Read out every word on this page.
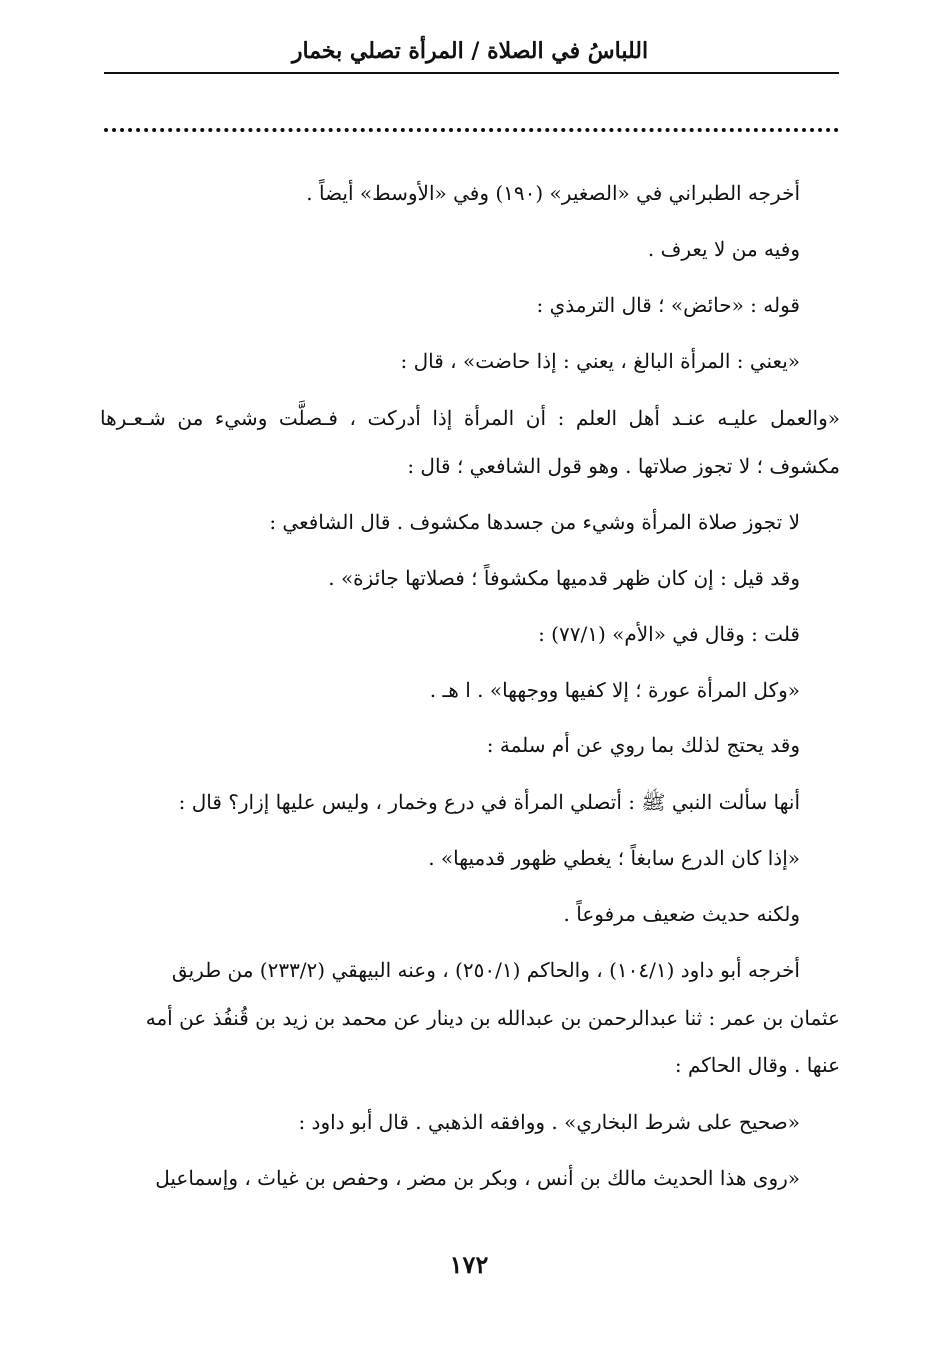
اللباسُ في الصلاة / المرأة تصلي بخمار
أخرجه الطبراني في «الصغير» (١٩٠) وفي «الأوسط» أيضاً .
وفيه من لا يعرف .
قوله : «حائض» ؛ قال الترمذي :
«يعني : المرأة البالغ ، يعني : إذا حاضت» ، قال :
«والعمل عليـه عنـد أهل العلم : أن المرأة إذا أدركت ، فـصلَّت وشيء من شـعـرها
مكشوف ؛ لا تجوز صلاتها . وهو قول الشافعي ؛ قال :
لا تجوز صلاة المرأة وشيء من جسدها مكشوف . قال الشافعي :
وقد قيل : إن كان ظهر قدميها مكشوفاً ؛ فصلاتها جائزة» .
قلت : وقال في «الأم» (٧٧/١) :
«وكل المرأة عورة ؛ إلا كفيها ووجهها» . ا هـ .
وقد يحتج لذلك بما روي عن أم سلمة :
أنها سألت النبي ﷺ : أتصلي المرأة في درع وخمار ، وليس عليها إزار؟ قال :
«إذا كان الدرع سابغاً ؛ يغطي ظهور قدميها» .
ولكنه حديث ضعيف مرفوعاً .
أخرجه أبو داود (١٠٤/١) ، والحاكم (٢٥٠/١) ، وعنه البيهقي (٢٣٣/٢) من طريق
عثمان بن عمر : ثنا عبدالرحمن بن عبدالله بن دينار عن محمد بن زيد بن قُنفُذ عن أمه
عنها . وقال الحاكم :
«صحيح على شرط البخاري» . ووافقه الذهبي . قال أبو داود :
«روى هذا الحديث مالك بن أنس ، وبكر بن مضر ، وحفص بن غياث ، وإسماعيل
١٧٢
